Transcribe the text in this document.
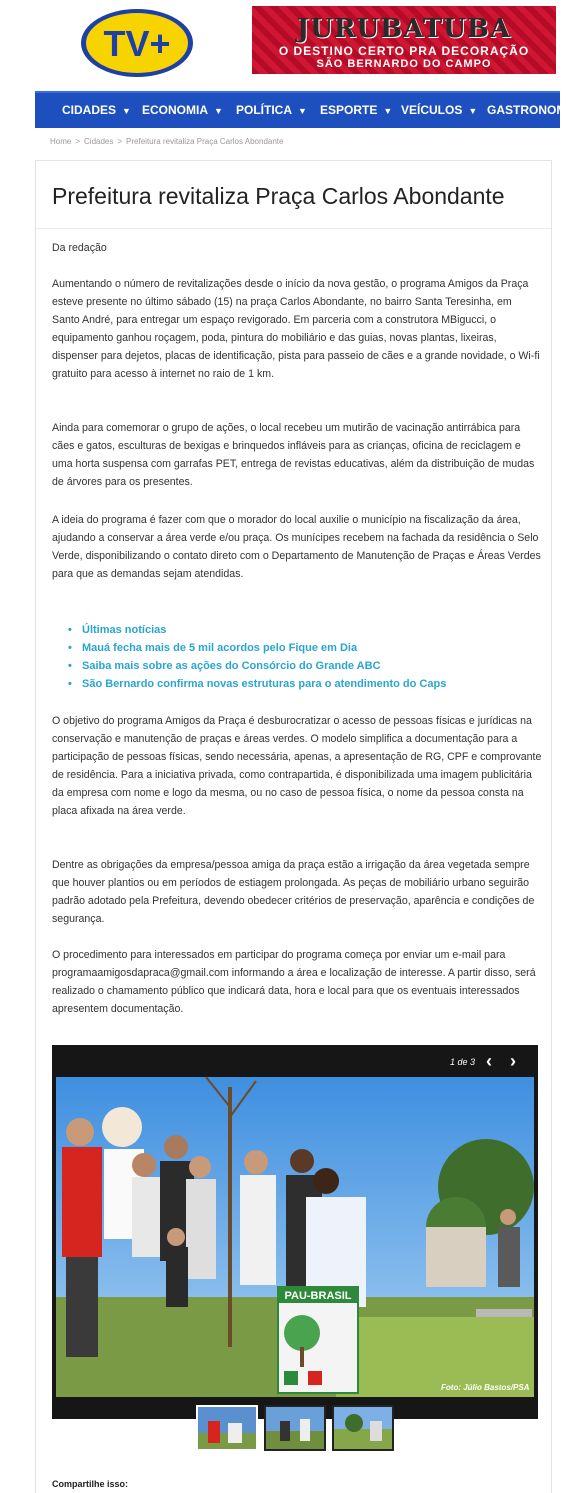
TV+	JURUBATUBA
O DESTINO CERTO PRA DECORAÇÃO
SÃO BERNARDO DO CAMPO
CIDADES ▼ ECONOMIA ▼ POLÍTICA ▼ ESPORTE ▼ VEÍCULOS ▼ GASTRONOMI
Home > Cidades > Prefeitura revitaliza Praça Carlos Abondante
Prefeitura revitaliza Praça Carlos Abondante
Da redação
Aumentando o número de revitalizações desde o início da nova gestão, o programa Amigos da Praça esteve presente no último sábado (15) na praça Carlos Abondante, no bairro Santa Teresinha, em Santo André, para entregar um espaço revigorado. Em parceria com a construtora MBigucci, o equipamento ganhou roçagem, poda, pintura do mobiliário e das guias, novas plantas, lixeiras, dispenser para dejetos, placas de identificação, pista para passeio de cães e a grande novidade, o Wi-fi gratuito para acesso à internet no raio de 1 km.
Ainda para comemorar o grupo de ações, o local recebeu um mutirão de vacinação antirrábica para cães e gatos, esculturas de bexigas e brinquedos infláveis para as crianças, oficina de reciclagem e uma horta suspensa com garrafas PET, entrega de revistas educativas, além da distribuição de mudas de árvores para os presentes.
A ideia do programa é fazer com que o morador do local auxilie o município na fiscalização da área, ajudando a conservar a área verde e/ou praça. Os munícipes recebem na fachada da residência o Selo Verde, disponibilizando o contato direto com o Departamento de Manutenção de Praças e Áreas Verdes para que as demandas sejam atendidas.
• Últimas notícias
• Mauá fecha mais de 5 mil acordos pelo Fique em Dia
• Saiba mais sobre as ações do Consórcio do Grande ABC
• São Bernardo confirma novas estruturas para o atendimento do Caps
O objetivo do programa Amigos da Praça é desburocratizar o acesso de pessoas físicas e jurídicas na conservação e manutenção de praças e áreas verdes. O modelo simplifica a documentação para a participação de pessoas físicas, sendo necessária, apenas, a apresentação de RG, CPF e comprovante de residência. Para a iniciativa privada, como contrapartida, é disponibilizada uma imagem publicitária da empresa com nome e logo da mesma, ou no caso de pessoa física, o nome da pessoa consta na placa afixada na área verde.
Dentre as obrigações da empresa/pessoa amiga da praça estão a irrigação da área vegetada sempre que houver plantios ou em períodos de estiagem prolongada. As peças de mobiliário urbano seguirão padrão adotado pela Prefeitura, devendo obedecer critérios de preservação, aparência e condições de segurança.
O procedimento para interessados em participar do programa começa por enviar um e-mail para programaamigosdapraca@gmail.com informando a área e localização de interesse. A partir disso, será realizado o chamamento público que indicará data, hora e local para que os eventuais interessados apresentem documentação.
1 de 3 ‹ ›
PAU-BRASIL
Foto: Júlio Bastos/PSA
Compartilhe isso:
